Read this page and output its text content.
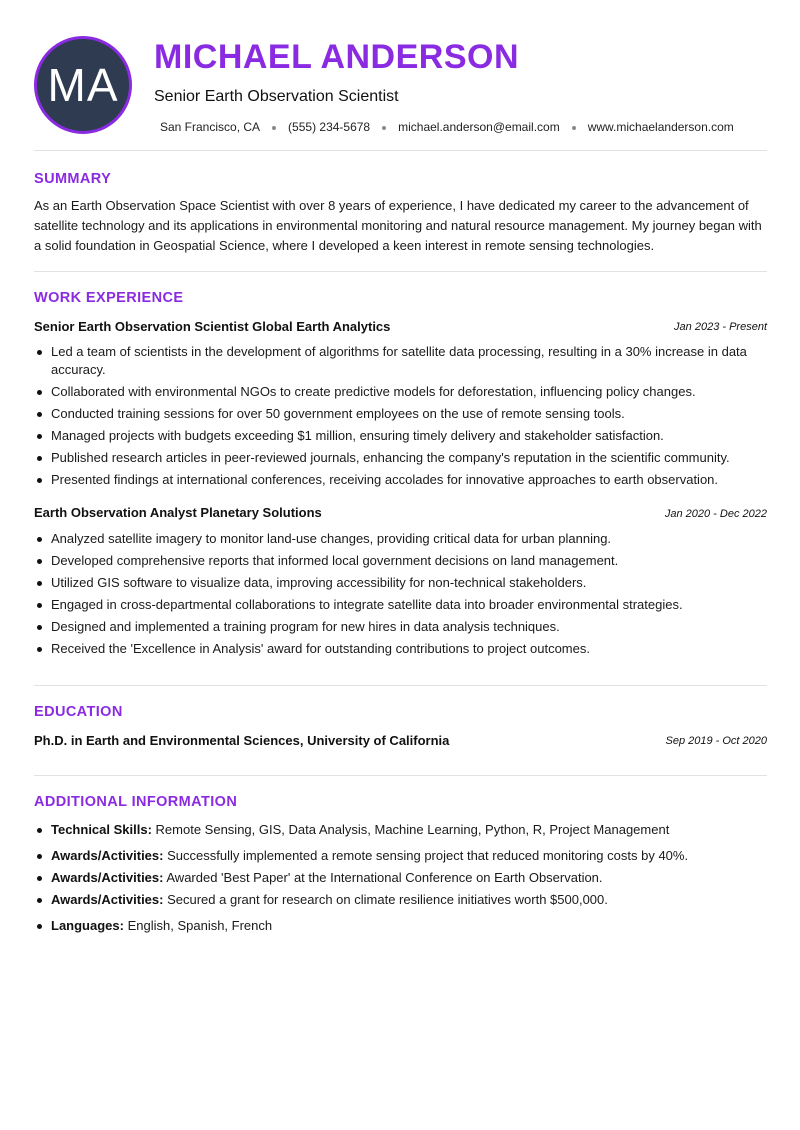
MA
MICHAEL ANDERSON

Senior Earth Observation Scientist

San Francisco, CA (555) 234-5678 michael.anderson@email.com www.michaelanderson.com
SUMMARY

As an Earth Observation Space Scientist with over 8 years of experience, I have dedicated my career to the advancement of satellite technology and its applications in environmental monitoring and natural resource management. My journey began with a solid foundation in Geospatial Science, where I developed a keen interest in remote sensing technologies.

WORK EXPERIENCE
Senior Earth Observation Scientist Global Earth Analytics	Jan 2023 - Present
Led a team of scientists in the development of algorithms for satellite data processing, resulting in a 30% increase in data accuracy.
Collaborated with environmental NGOs to create predictive models for deforestation, influencing policy changes.
Conducted training sessions for over 50 government employees on the use of remote sensing tools.
Managed projects with budgets exceeding $1 million, ensuring timely delivery and stakeholder satisfaction.
Published research articles in peer-reviewed journals, enhancing the company's reputation in the scientific community.
Presented findings at international conferences, receiving accolades for innovative approaches to earth observation.
Earth Observation Analyst Planetary Solutions	Jan 2020 - Dec 2022
Analyzed satellite imagery to monitor land-use changes, providing critical data for urban planning.
Developed comprehensive reports that informed local government decisions on land management.
Utilized GIS software to visualize data, improving accessibility for non-technical stakeholders.
Engaged in cross-departmental collaborations to integrate satellite data into broader environmental strategies.
Designed and implemented a training program for new hires in data analysis techniques.
Received the 'Excellence in Analysis' award for outstanding contributions to project outcomes.
EDUCATION
Ph.D. in Earth and Environmental Sciences, University of California	Sep 2019 - Oct 2020
ADDITIONAL INFORMATION
Technical Skills: Remote Sensing, GIS, Data Analysis, Machine Learning, Python, R, Project Management
Awards/Activities: Successfully implemented a remote sensing project that reduced monitoring costs by 40%.
Awards/Activities: Awarded 'Best Paper' at the International Conference on Earth Observation.
Awards/Activities: Secured a grant for research on climate resilience initiatives worth $500,000.
Languages: English, Spanish, French
